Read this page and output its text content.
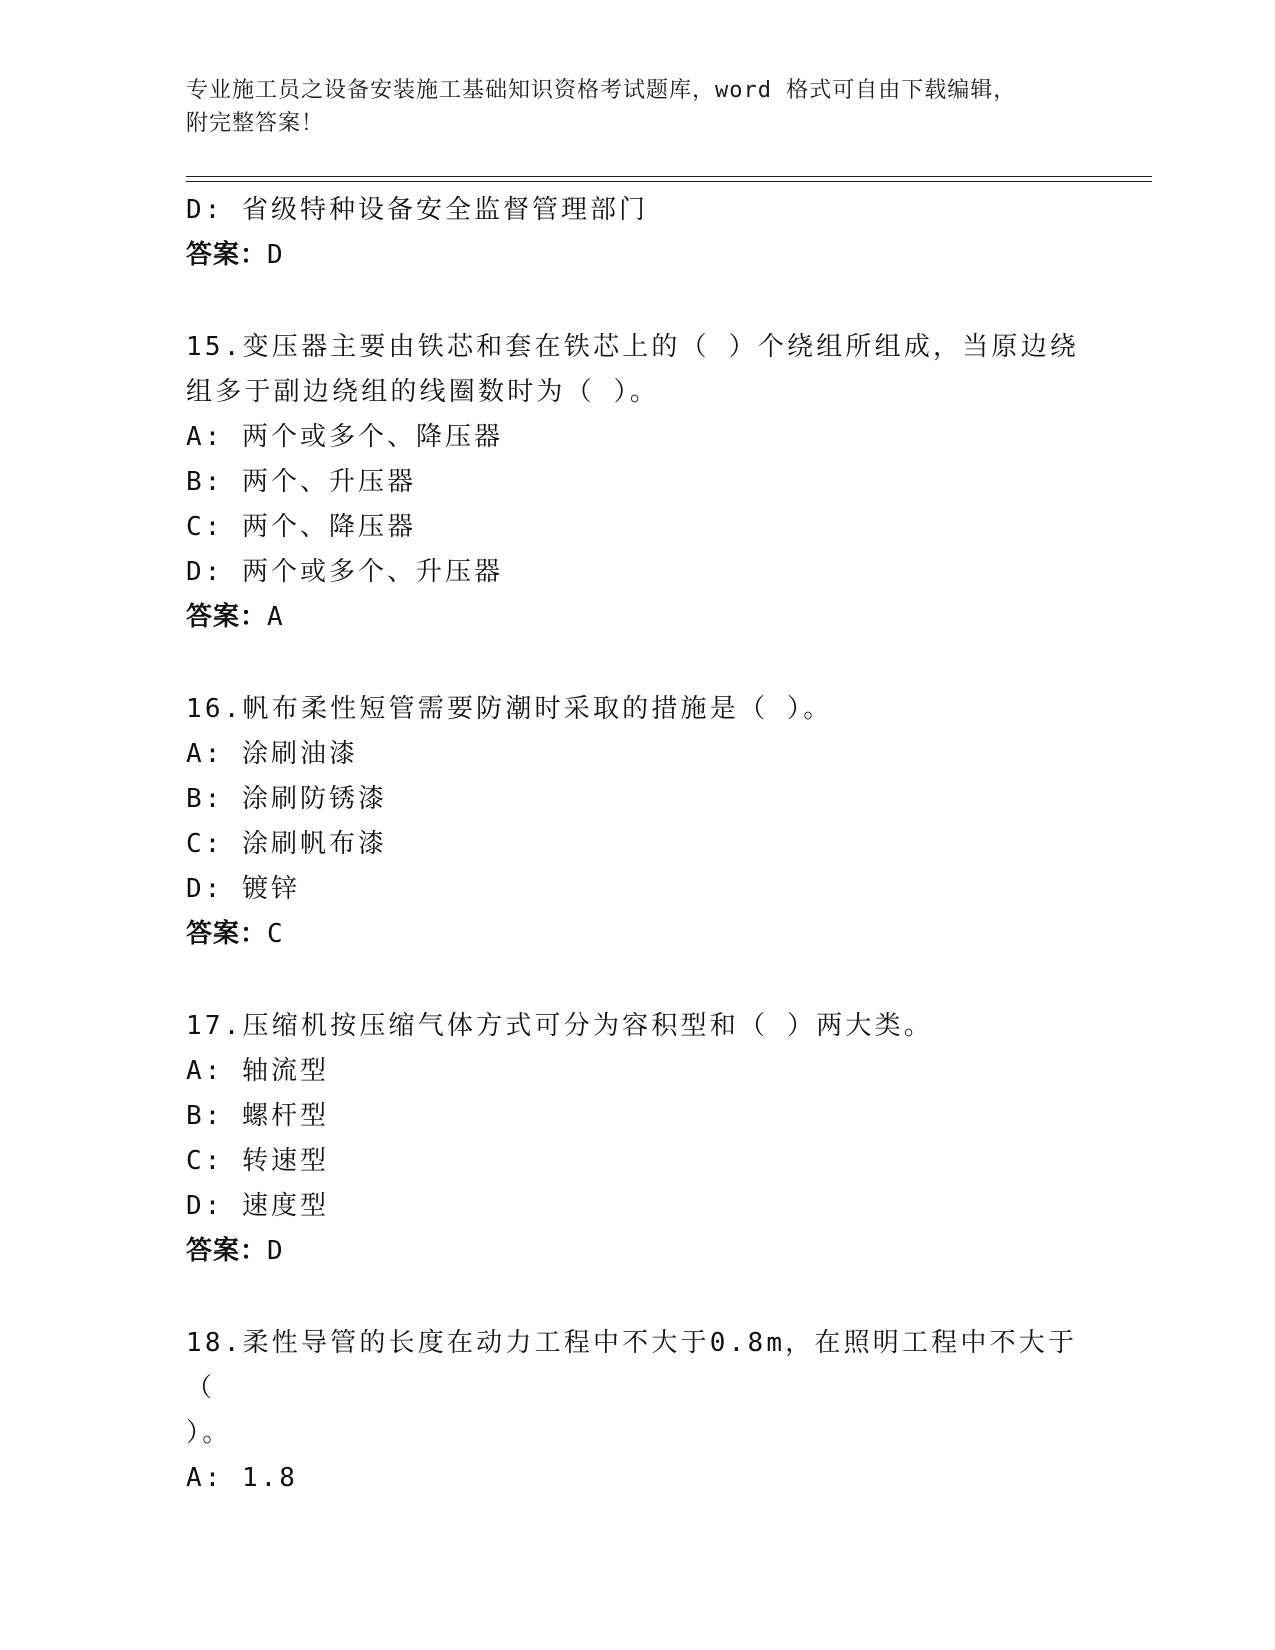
专业施工员之设备安装施工基础知识资格考试题库，word 格式可自由下载编辑，
附完整答案！
D: 省级特种设备安全监督管理部门
答案：D
15.变压器主要由铁芯和套在铁芯上的（ ）个绕组所组成，当原边绕
组多于副边绕组的线圈数时为（ ）。
A: 两个或多个、降压器
B: 两个、升压器
C: 两个、降压器
D: 两个或多个、升压器
答案：A
16.帆布柔性短管需要防潮时采取的措施是（ ）。
A: 涂刷油漆
B: 涂刷防锈漆
C: 涂刷帆布漆
D: 镀锌
答案：C
17.压缩机按压缩气体方式可分为容积型和（ ）两大类。
A: 轴流型
B: 螺杆型
C: 转速型
D: 速度型
答案：D
18.柔性导管的长度在动力工程中不大于0.8m，在照明工程中不大于（
）。
A: 1.8
